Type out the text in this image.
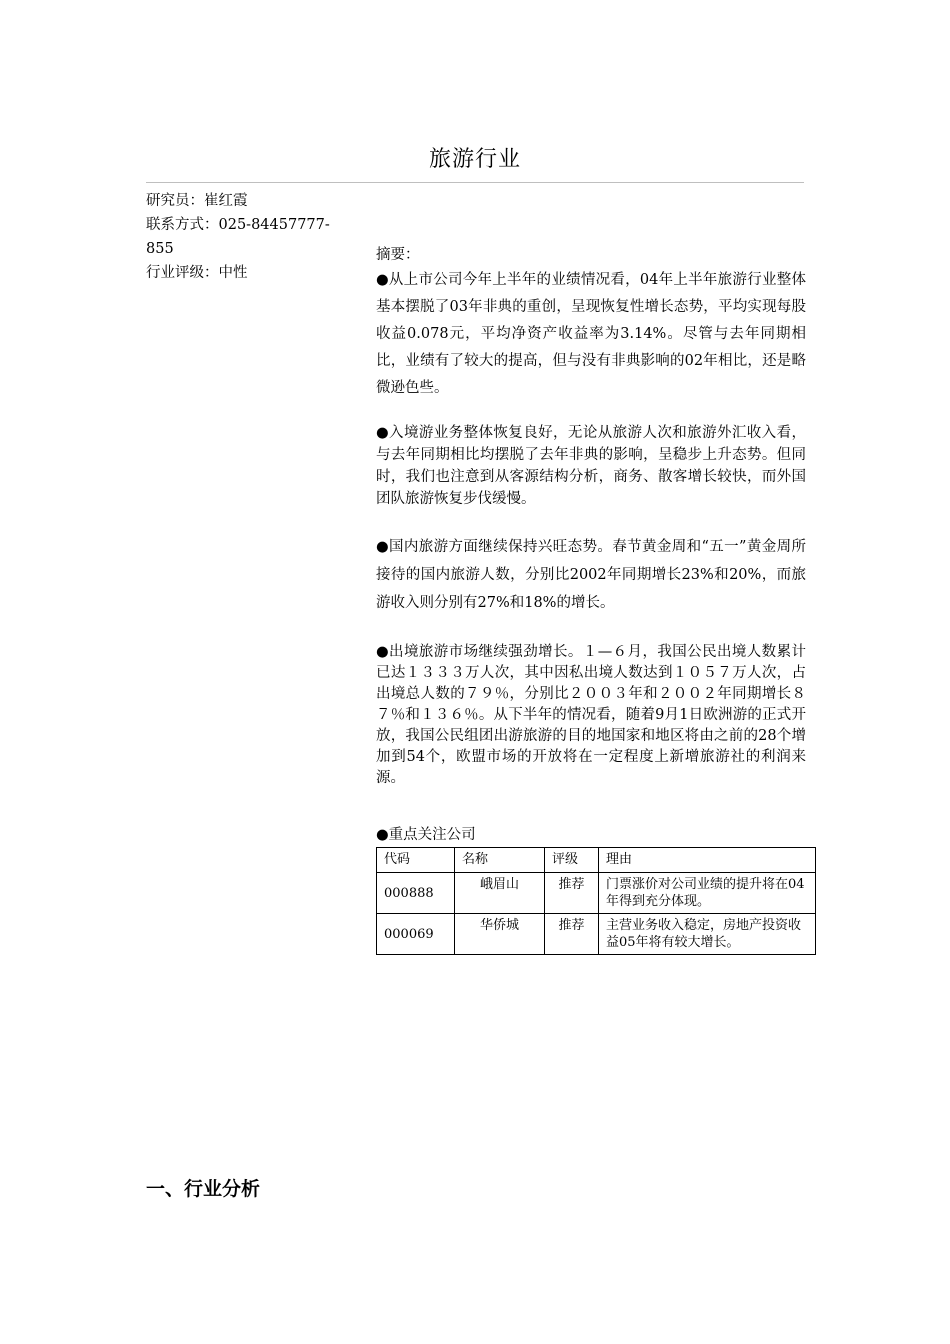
旅游行业
研究员：崔红霞
联系方式：025-84457777-855
行业评级：中性
摘要：

●从上市公司今年上半年的业绩情况看，04年上半年旅游行业整体基本摆脱了03年非典的重创，呈现恢复性增长态势，平均实现每股收益0.078元，平均净资产收益率为3.14%。尽管与去年同期相比，业绩有了较大的提高，但与没有非典影响的02年相比，还是略微逊色些。

●入境游业务整体恢复良好，无论从旅游人次和旅游外汇收入看，与去年同期相比均摆脱了去年非典的影响，呈稳步上升态势。但同时，我们也注意到从客源结构分析，商务、散客增长较快，而外国团队旅游恢复步伐缓慢。

●国内旅游方面继续保持兴旺态势。春节黄金周和“五一”黄金周所接待的国内旅游人数，分别比2002年同期增长23%和20%，而旅游收入则分别有27%和18%的增长。

●出境旅游市场继续强劲增长。１—６月，我国公民出境人数累计已达１３３３万人次，其中因私出境人数达到１０５７万人次，占出境总人数的７９％，分别比２００３年和２００２年同期增长８７％和１３６％。从下半年的情况看，随着9月1日欧洲游的正式开放，我国公民组团出游旅游的目的地国家和地区将由之前的28个增加到54个，欧盟市场的开放将在一定程度上新增旅游社的利润来源。

●重点关注公司
代码	名称	评级	理由
000888	峨眉山	推荐	门票涨价对公司业绩的提升将在04年得到充分体现。
000069	华侨城	推荐	主营业务收入稳定，房地产投资收益05年将有较大增长。
一、行业分析
